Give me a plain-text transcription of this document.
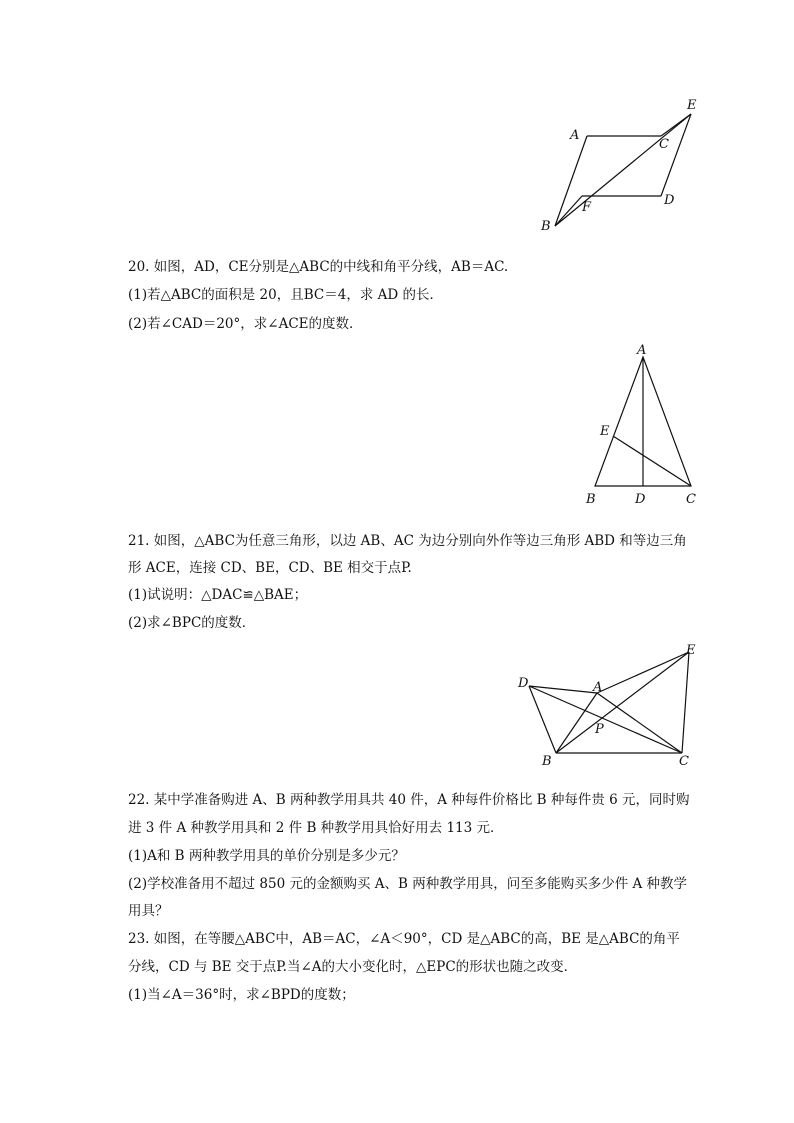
A
B
C
D
E
F
20. 如图，AD，CE分别是△ABC的中线和角平分线，AB＝AC.
(1)若△ABC的面积是 20，且BC＝4，求 AD 的长．
(2)若∠CAD＝20°，求∠ACE的度数．
A
B	C
D
E
21. 如图，△ABC为任意三角形，以边 AB、AC 为边分别向外作等边三角形 ABD 和等边三角
形 ACE，连接 CD、BE，CD、BE 相交于点P.
(1)试说明：△DAC≌△BAE；
(2)求∠BPC的度数．
A
B	C
D
E
P
22. 某中学准备购进 A、B 两种教学用具共 40 件，A 种每件价格比 B 种每件贵 6 元，同时购
进 3 件 A 种教学用具和 2 件 B 种教学用具恰好用去 113 元．
(1)A和 B 两种教学用具的单价分别是多少元？
(2)学校准备用不超过 850 元的金额购买 A、B 两种教学用具，问至多能购买多少件 A 种教学
用具？
23. 如图，在等腰△ABC中，AB＝AC，∠A＜90°，CD 是△ABC的高，BE 是△ABC的角平
分线，CD 与 BE 交于点P.当∠A的大小变化时，△EPC的形状也随之改变．
(1)当∠A＝36°时，求∠BPD的度数；
